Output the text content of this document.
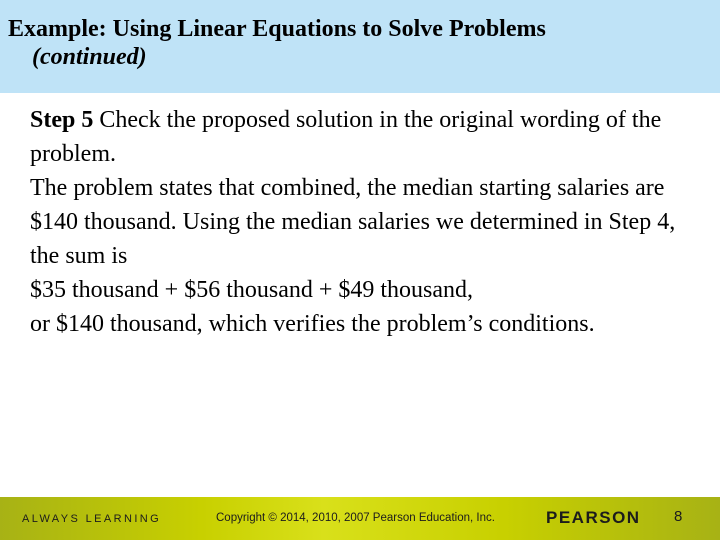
Example: Using Linear Equations to Solve Problems
(continued)

Step 5 Check the proposed solution in the original wording of the problem.

The problem states that combined, the median starting salaries are $140 thousand. Using the median salaries we determined in Step 4, the sum is
$35 thousand + $56 thousand + $49 thousand,
or $140 thousand, which verifies the problem’s conditions.

ALWAYS LEARNING	Copyright © 2014, 2010, 2007 Pearson Education, Inc.	PEARSON 8
